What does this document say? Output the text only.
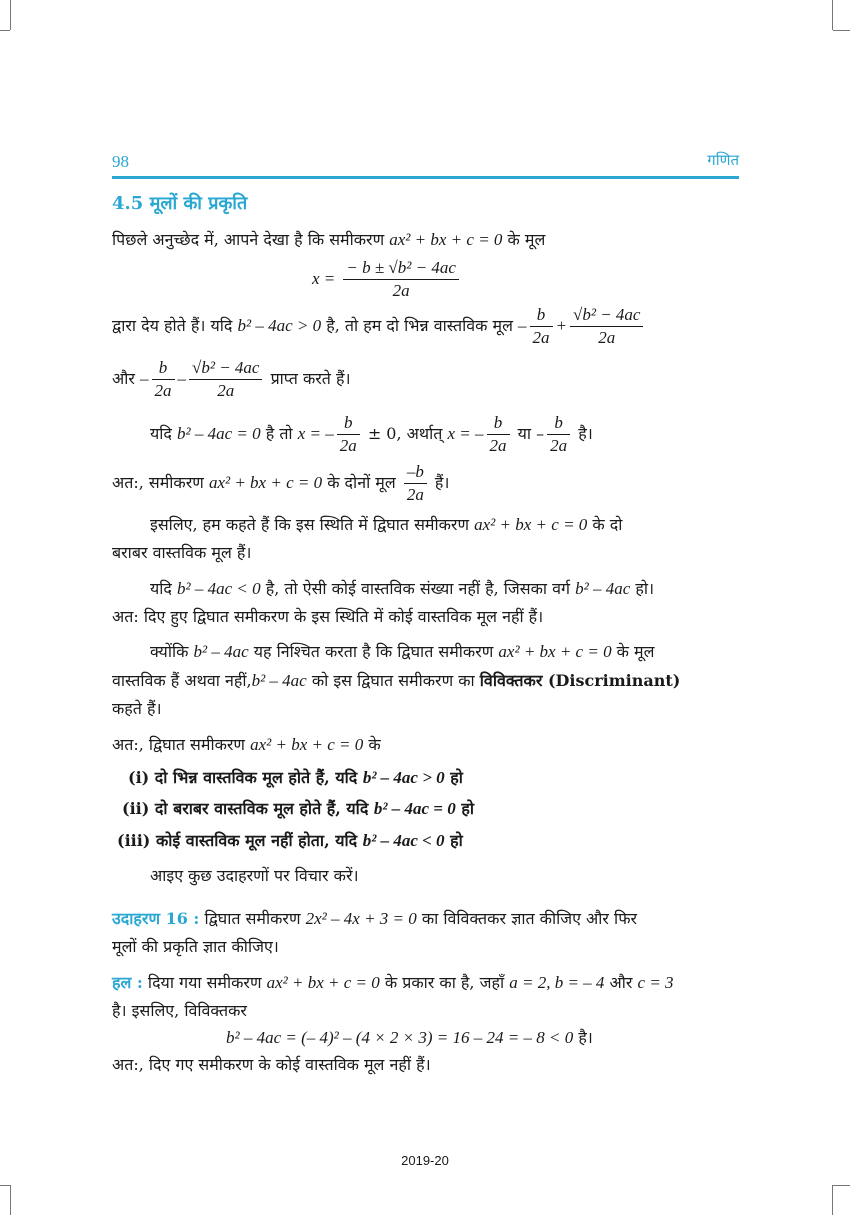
98	गणित
4.5 मूलों की प्रकृति
पिछले अनुच्छेद में, आपने देखा है कि समीकरण ax² + bx + c = 0 के मूल
$x = \frac{\text{− b ± √b² − 4ac}}{2a}$
द्वारा देय होते हैं। यदि b² – 4ac > 0 है, तो हम दो भिन्न वास्तविक मूल – $\frac{b}{2a} + \frac{\text{√b² − 4ac}}{2a}$
और – $\frac{b}{2a} - \frac{\text{√b² − 4ac}}{2a}$ प्राप्त करते हैं।
यदि b² – 4ac = 0 है तो x = – $\frac{b}{2a} \pm 0$, अर्थात् x = – $\frac{b}{2a}$ या – $\frac{b}{2a}$ है।
अत:, समीकरण ax² + bx + c = 0 के दोनों मूल $\frac{-b}{2a}$ हैं।
इसलिए, हम कहते हैं कि इस स्थिति में द्विघात समीकरण ax² + bx + c = 0 के दो
बराबर वास्तविक मूल हैं।
यदि b² – 4ac < 0 है, तो ऐसी कोई वास्तविक संख्या नहीं है, जिसका वर्ग b² – 4ac हो।
अत: दिए हुए द्विघात समीकरण के इस स्थिति में कोई वास्तविक मूल नहीं हैं।
क्योंकि b² – 4ac यह निश्चित करता है कि द्विघात समीकरण ax² + bx + c = 0 के मूल
वास्तविक हैं अथवा नहीं,b² – 4ac को इस द्विघात समीकरण का विविक्तकर (Discriminant)
कहते हैं।
अत:, द्विघात समीकरण ax² + bx + c = 0 के
(i) दो भिन्न वास्तविक मूल होते हैं, यदि b² – 4ac > 0 हो
(ii) दो बराबर वास्तविक मूल होते हैं, यदि b² – 4ac = 0 हो
(iii) कोई वास्तविक मूल नहीं होता, यदि b² – 4ac < 0 हो
आइए कुछ उदाहरणों पर विचार करें।
उदाहरण 16 : द्विघात समीकरण 2x² – 4x + 3 = 0 का विविक्तकर ज्ञात कीजिए और फिर
मूलों की प्रकृति ज्ञात कीजिए।
हल : दिया गया समीकरण ax² + bx + c = 0 के प्रकार का है, जहाँ a = 2, b = – 4 और c = 3
है। इसलिए, विविक्तकर
b² – 4ac = (– 4)² – (4 × 2 × 3) = 16 – 24 = – 8 < 0 है।
अत:, दिए गए समीकरण के कोई वास्तविक मूल नहीं हैं।
2019-20
